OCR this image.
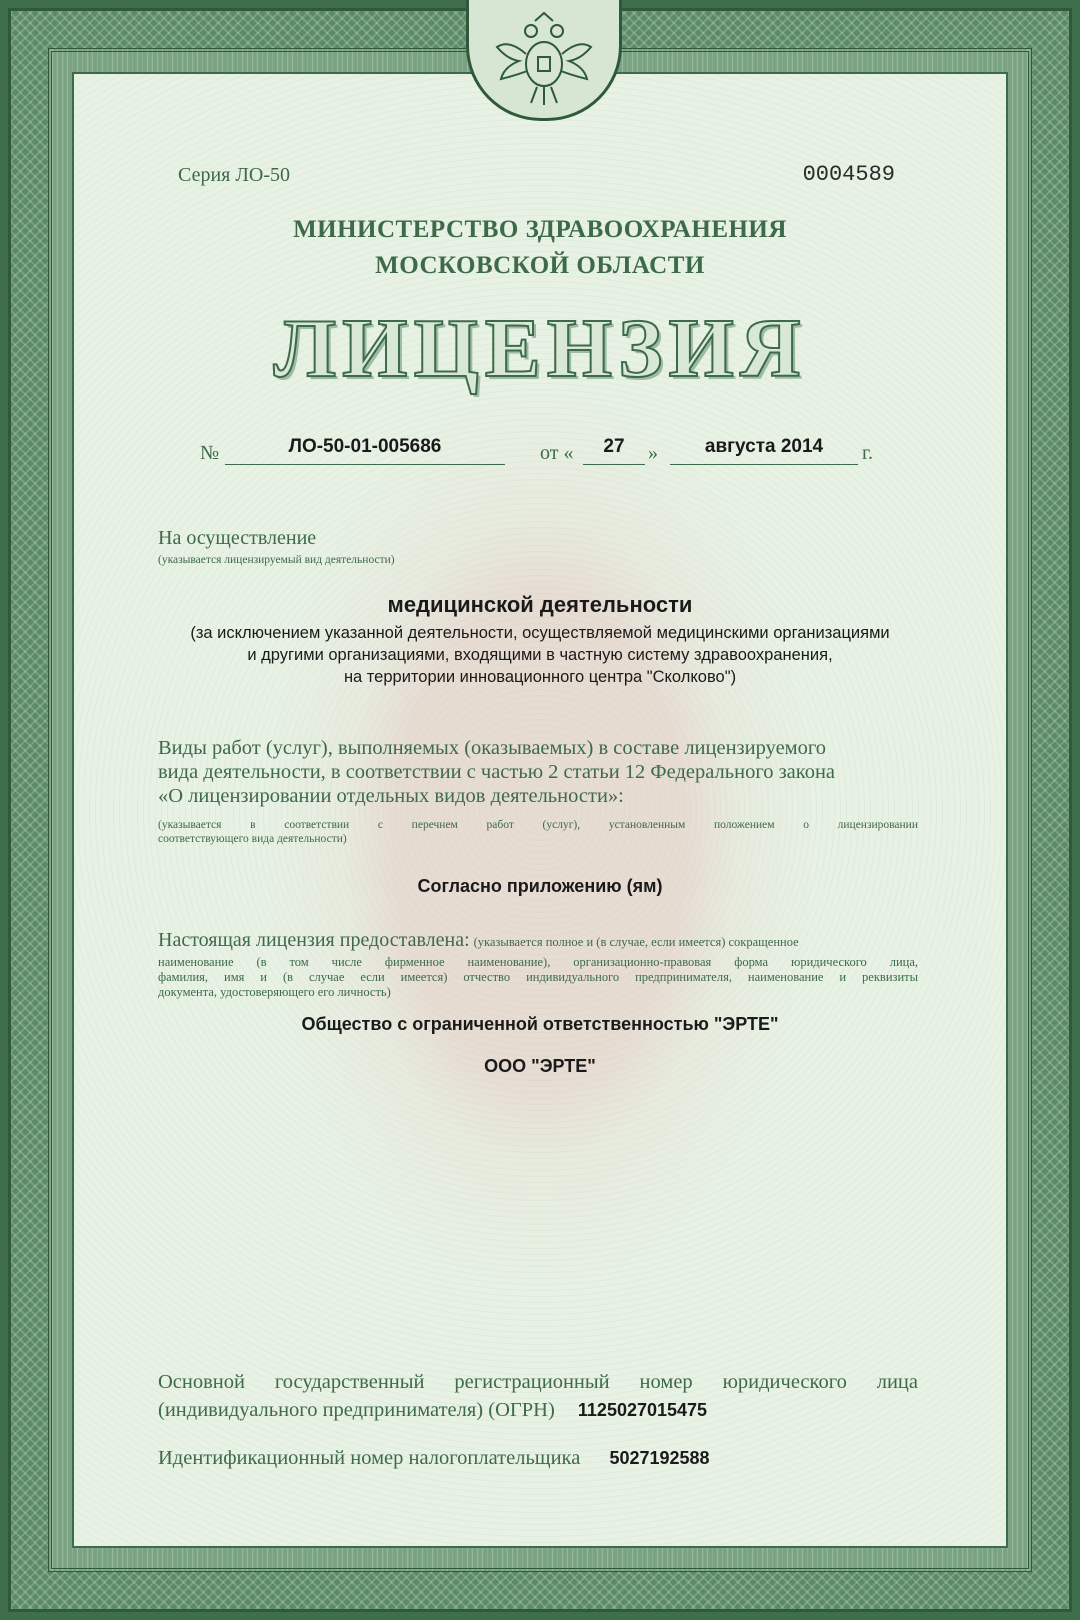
Серия ЛО-50	0004589
МИНИСТЕРСТВО ЗДРАВООХРАНЕНИЯ
МОСКОВСКОЙ ОБЛАСТИ
ЛИЦЕНЗИЯ
№	ЛО-50-01-005686	от «	27	»	августа 2014	г.
На осуществление
(указывается лицензируемый вид деятельности)
медицинской деятельности
(за исключением указанной деятельности, осуществляемой медицинскими организациями
и другими организациями, входящими в частную систему здравоохранения,
на территории инновационного центра "Сколково")
Виды работ (услуг), выполняемых (оказываемых) в составе лицензируемого
вида деятельности, в соответствии с частью 2 статьи 12 Федерального закона
«О лицензировании отдельных видов деятельности»:
(указывается в соответствии с перечнем работ (услуг), установленным положением о лицензировании
соответствующего вида деятельности)
Согласно приложению (ям)
Настоящая лицензия предоставлена: (указывается полное и (в случае, если имеется) сокращенное
наименование (в том числе фирменное наименование), организационно-правовая форма юридического лица,
фамилия, имя и (в случае если имеется) отчество индивидуального предпринимателя, наименование и реквизиты
документа, удостоверяющего его личность)
Общество с ограниченной ответственностью "ЭРТЕ"
ООО "ЭРТЕ"
Основной государственный регистрационный номер юридического лица
(индивидуального предпринимателя) (ОГРН) 1125027015475
Идентификационный номер налогоплательщика 5027192588
